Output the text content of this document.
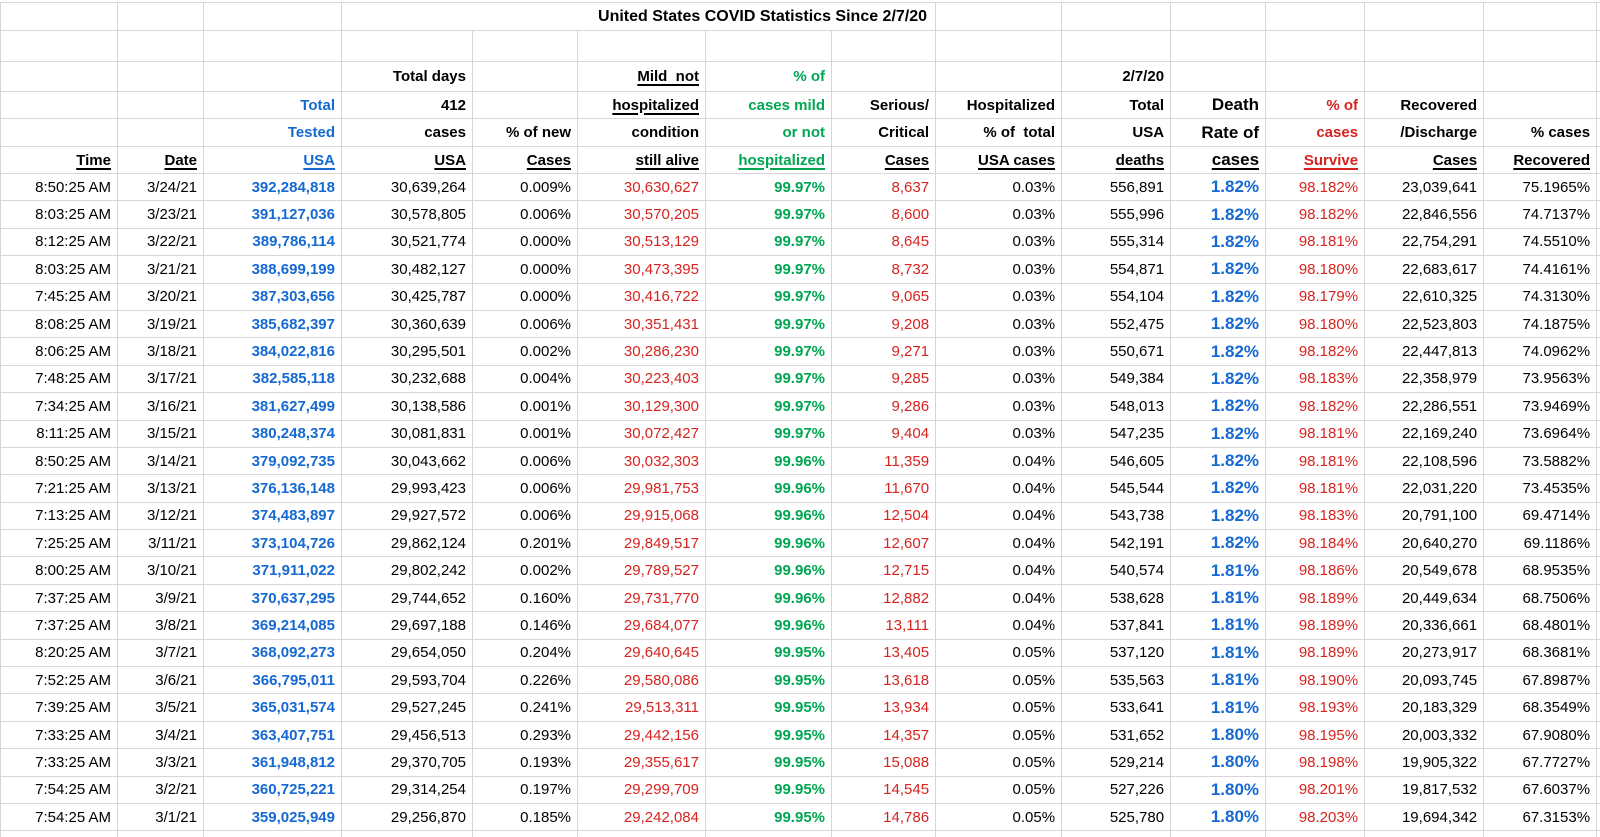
			United States COVID Statistics Since 2/7/20											

			Total days		Mild  not	% of			2/7/20					
		Total	412		hospitalized	cases mild	Serious/	Hospitalized	Total	Death	% of	Recovered		
		Tested	cases	% of new	condition	or not	Critical	% of  total	USA	Rate of	cases	/Discharge	% cases	
Time	Date	USA	USA	Cases	still alive	hospitalized	Cases	USA cases	deaths	cases	Survive	Cases	Recovered	
8:50:25 AM	3/24/21	392,284,818	30,639,264	0.009%	30,630,627	99.97%	8,637	0.03%	556,891	1.82%	98.182%	23,039,641	75.1965%	
8:03:25 AM	3/23/21	391,127,036	30,578,805	0.006%	30,570,205	99.97%	8,600	0.03%	555,996	1.82%	98.182%	22,846,556	74.7137%	
8:12:25 AM	3/22/21	389,786,114	30,521,774	0.000%	30,513,129	99.97%	8,645	0.03%	555,314	1.82%	98.181%	22,754,291	74.5510%	
8:03:25 AM	3/21/21	388,699,199	30,482,127	0.000%	30,473,395	99.97%	8,732	0.03%	554,871	1.82%	98.180%	22,683,617	74.4161%	
7:45:25 AM	3/20/21	387,303,656	30,425,787	0.000%	30,416,722	99.97%	9,065	0.03%	554,104	1.82%	98.179%	22,610,325	74.3130%	
8:08:25 AM	3/19/21	385,682,397	30,360,639	0.006%	30,351,431	99.97%	9,208	0.03%	552,475	1.82%	98.180%	22,523,803	74.1875%	
8:06:25 AM	3/18/21	384,022,816	30,295,501	0.002%	30,286,230	99.97%	9,271	0.03%	550,671	1.82%	98.182%	22,447,813	74.0962%	
7:48:25 AM	3/17/21	382,585,118	30,232,688	0.004%	30,223,403	99.97%	9,285	0.03%	549,384	1.82%	98.183%	22,358,979	73.9563%	
7:34:25 AM	3/16/21	381,627,499	30,138,586	0.001%	30,129,300	99.97%	9,286	0.03%	548,013	1.82%	98.182%	22,286,551	73.9469%	
8:11:25 AM	3/15/21	380,248,374	30,081,831	0.001%	30,072,427	99.97%	9,404	0.03%	547,235	1.82%	98.181%	22,169,240	73.6964%	
8:50:25 AM	3/14/21	379,092,735	30,043,662	0.006%	30,032,303	99.96%	11,359	0.04%	546,605	1.82%	98.181%	22,108,596	73.5882%	
7:21:25 AM	3/13/21	376,136,148	29,993,423	0.006%	29,981,753	99.96%	11,670	0.04%	545,544	1.82%	98.181%	22,031,220	73.4535%	
7:13:25 AM	3/12/21	374,483,897	29,927,572	0.006%	29,915,068	99.96%	12,504	0.04%	543,738	1.82%	98.183%	20,791,100	69.4714%	
7:25:25 AM	3/11/21	373,104,726	29,862,124	0.201%	29,849,517	99.96%	12,607	0.04%	542,191	1.82%	98.184%	20,640,270	69.1186%	
8:00:25 AM	3/10/21	371,911,022	29,802,242	0.002%	29,789,527	99.96%	12,715	0.04%	540,574	1.81%	98.186%	20,549,678	68.9535%	
7:37:25 AM	3/9/21	370,637,295	29,744,652	0.160%	29,731,770	99.96%	12,882	0.04%	538,628	1.81%	98.189%	20,449,634	68.7506%	
7:37:25 AM	3/8/21	369,214,085	29,697,188	0.146%	29,684,077	99.96%	13,111	0.04%	537,841	1.81%	98.189%	20,336,661	68.4801%	
8:20:25 AM	3/7/21	368,092,273	29,654,050	0.204%	29,640,645	99.95%	13,405	0.05%	537,120	1.81%	98.189%	20,273,917	68.3681%	
7:52:25 AM	3/6/21	366,795,011	29,593,704	0.226%	29,580,086	99.95%	13,618	0.05%	535,563	1.81%	98.190%	20,093,745	67.8987%	
7:39:25 AM	3/5/21	365,031,574	29,527,245	0.241%	29,513,311	99.95%	13,934	0.05%	533,641	1.81%	98.193%	20,183,329	68.3549%	
7:33:25 AM	3/4/21	363,407,751	29,456,513	0.293%	29,442,156	99.95%	14,357	0.05%	531,652	1.80%	98.195%	20,003,332	67.9080%	
7:33:25 AM	3/3/21	361,948,812	29,370,705	0.193%	29,355,617	99.95%	15,088	0.05%	529,214	1.80%	98.198%	19,905,322	67.7727%	
7:54:25 AM	3/2/21	360,725,221	29,314,254	0.197%	29,299,709	99.95%	14,545	0.05%	527,226	1.80%	98.201%	19,817,532	67.6037%	
7:54:25 AM	3/1/21	359,025,949	29,256,870	0.185%	29,242,084	99.95%	14,786	0.05%	525,780	1.80%	98.203%	19,694,342	67.3153%	
